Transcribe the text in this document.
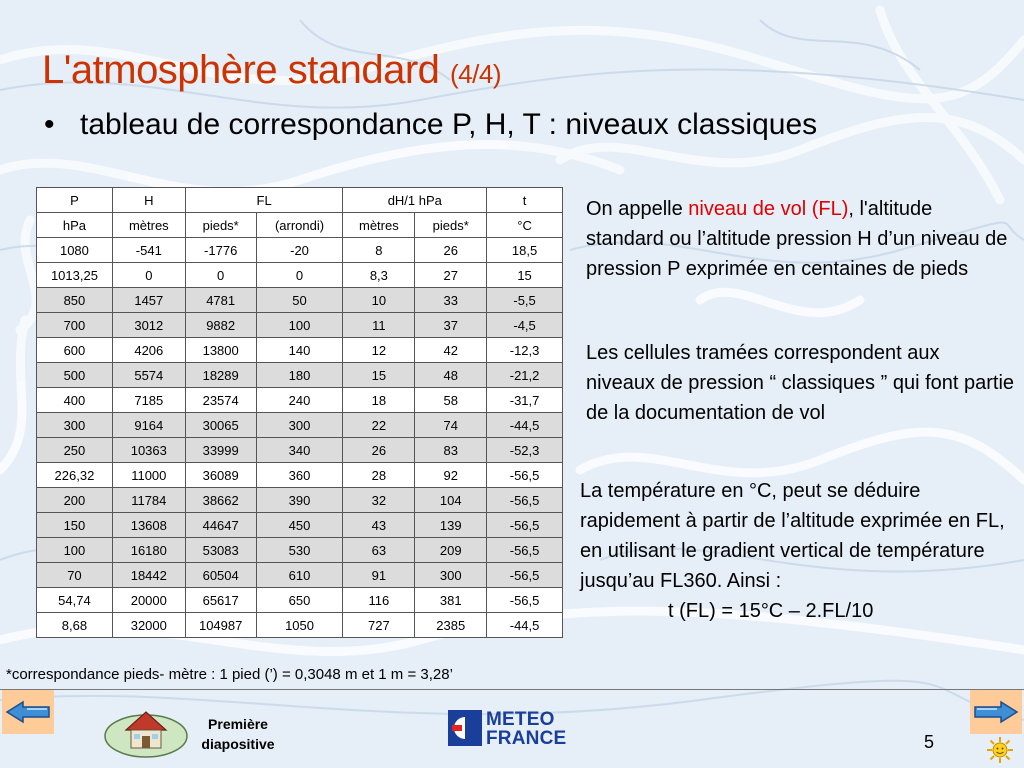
L'atmosphère standard (4/4)
• tableau de correspondance P, H, T : niveaux classiques
P	H	FL		dH/1 hPa		t
hPa	mètres	pieds*	(arrondi)	mètres	pieds*	°C
1080	-541	-1776	-20	8	26	18,5
1013,25	0	0	0	8,3	27	15
850	1457	4781	50	10	33	-5,5
700	3012	9882	100	11	37	-4,5
600	4206	13800	140	12	42	-12,3
500	5574	18289	180	15	48	-21,2
400	7185	23574	240	18	58	-31,7
300	9164	30065	300	22	74	-44,5
250	10363	33999	340	26	83	-52,3
226,32	11000	36089	360	28	92	-56,5
200	11784	38662	390	32	104	-56,5
150	13608	44647	450	43	139	-56,5
100	16180	53083	530	63	209	-56,5
70	18442	60504	610	91	300	-56,5
54,74	20000	65617	650	116	381	-56,5
8,68	32000	104987	1050	727	2385	-44,5

On appelle niveau de vol (FL), l'altitude standard ou l’altitude pression H d’un niveau de pression P exprimée en centaines de pieds

Les cellules tramées correspondent aux niveaux de pression “ classiques ” qui font partie de la documentation de vol

La température en °C, peut se déduire rapidement à partir de l’altitude exprimée en FL, en utilisant le gradient vertical de température jusqu’au FL360. Ainsi :
t (FL) = 15°C – 2.FL/10

*correspondance pieds- mètre : 1 pied (’) = 0,3048 m et 1 m = 3,28’
Première
diapositive
METEO
FRANCE	5
